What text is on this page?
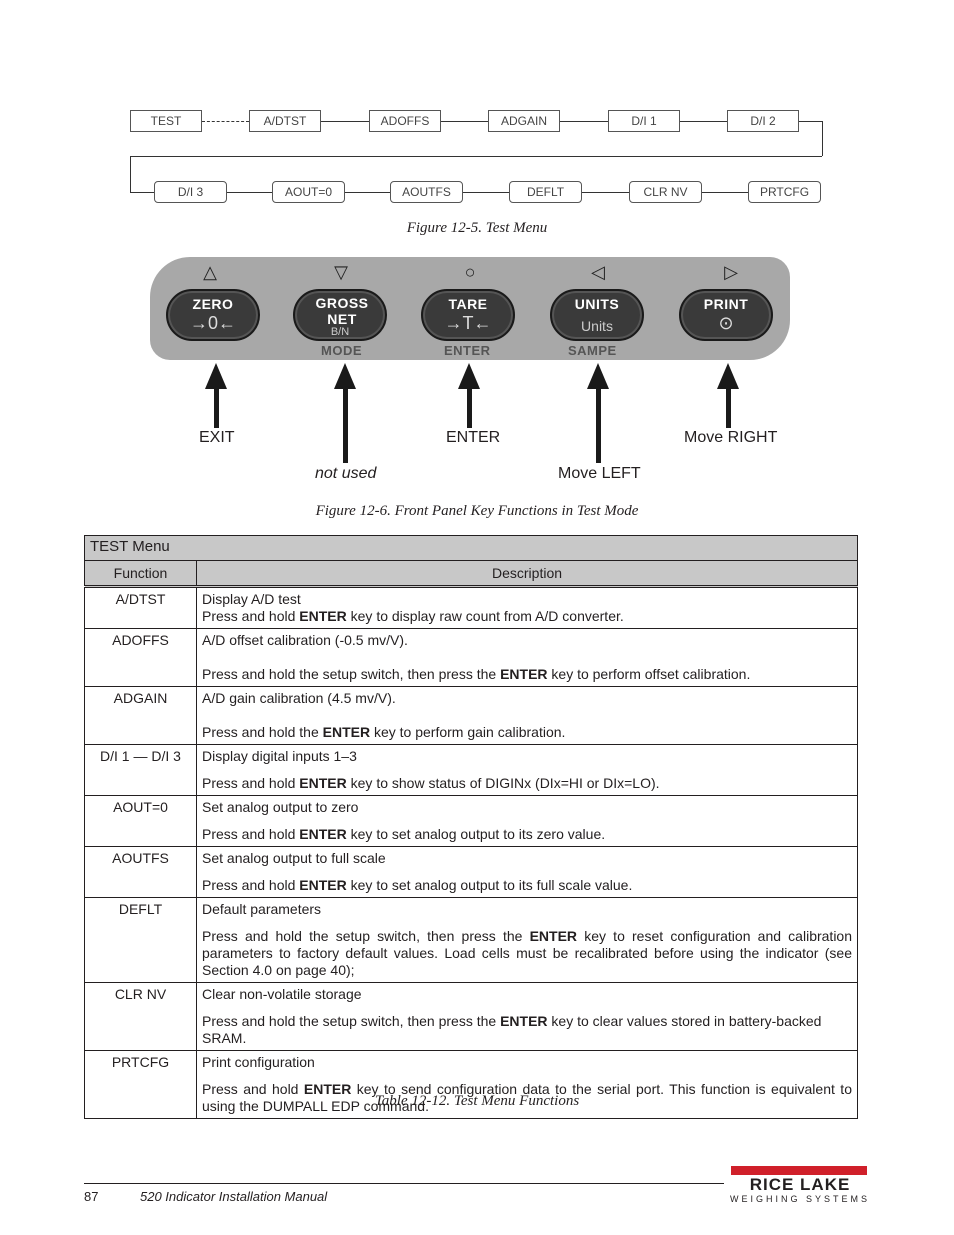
TEST	A/DTST	ADOFFS	ADGAIN	D/I 1	D/I 2
D/I 3	AOUT=0	AOUTFS	DEFLT	CLR NV	PRTCFG
Figure 12-5. Test Menu
△	▽	○	◁	▷
ZERO
→0←
GROSS NET
B/N
TARE
→T←
UNITS
Units
PRINT
⊙
MODE	ENTER	SAMPE
EXIT
not used
ENTER
Move LEFT
Move RIGHT
Figure 12-6. Front Panel Key Functions in Test Mode
TEST Menu	
Function	Description
A/DTST	Display A/D test
Press and hold ENTER key to display raw count from A/D converter.

ADOFFS	A/D offset calibration (-0.5 mv/V).
Press and hold the setup switch, then press the ENTER key to perform offset calibration.

ADGAIN	A/D gain calibration (4.5 mv/V).
Press and hold the ENTER key to perform gain calibration.

D/I 1 — D/I 3	Display digital inputs 1–3
Press and hold ENTER key to show status of DIGINx (DIx=HI or DIx=LO).

AOUT=0	Set analog output to zero
Press and hold ENTER key to set analog output to its zero value.

AOUTFS	Set analog output to full scale
Press and hold ENTER key to set analog output to its full scale value.

DEFLT	Default parameters
Press and hold the setup switch, then press the ENTER key to reset configuration and calibration parameters to factory default values. Load cells must be recalibrated before using the indicator (see Section 4.0 on page 40);

CLR NV	Clear non-volatile storage
Press and hold the setup switch, then press the ENTER key to clear values stored in battery-backed SRAM.

PRTCFG	Print configuration
Press and hold ENTER key to send configuration data to the serial port. This function is equivalent to using the DUMPALL EDP command.
Table 12-12. Test Menu Functions
87	520 Indicator Installation Manual
RICE LAKE
WEIGHING SYSTEMS
